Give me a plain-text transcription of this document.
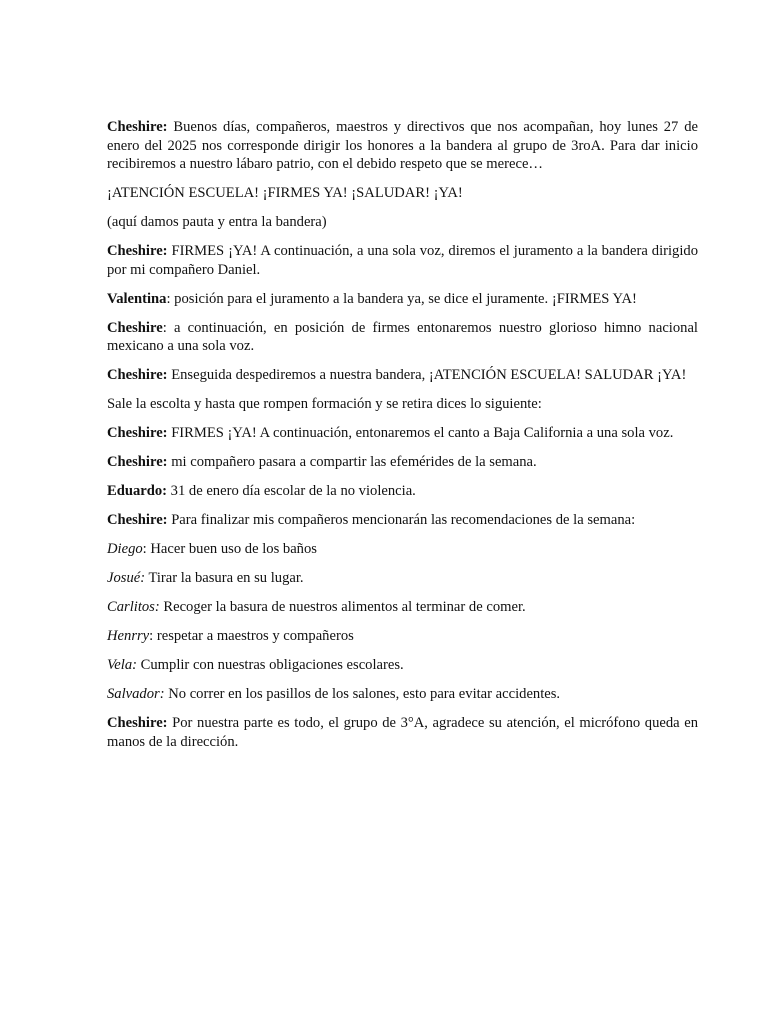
Cheshire: Buenos días, compañeros, maestros y directivos que nos acompañan, hoy lunes 27 de enero del 2025 nos corresponde dirigir los honores a la bandera al grupo de 3roA. Para dar inicio recibiremos a nuestro lábaro patrio, con el debido respeto que se merece…

¡ATENCIÓN ESCUELA! ¡FIRMES YA! ¡SALUDAR! ¡YA!

(aquí damos pauta y entra la bandera)

Cheshire: FIRMES ¡YA! A continuación, a una sola voz, diremos el juramento a la bandera dirigido por mi compañero Daniel.

Valentina: posición para el juramento a la bandera ya, se dice el juramente. ¡FIRMES YA!

Cheshire: a continuación, en posición de firmes entonaremos nuestro glorioso himno nacional mexicano a una sola voz.

Cheshire: Enseguida despediremos a nuestra bandera, ¡ATENCIÓN ESCUELA! SALUDAR ¡YA!

Sale la escolta y hasta que rompen formación y se retira dices lo siguiente:

Cheshire: FIRMES ¡YA! A continuación, entonaremos el canto a Baja California a una sola voz.

Cheshire: mi compañero pasara a compartir las efemérides de la semana.

Eduardo: 31 de enero día escolar de la no violencia.

Cheshire: Para finalizar mis compañeros mencionarán las recomendaciones de la semana:

Diego: Hacer buen uso de los baños

Josué: Tirar la basura en su lugar.

Carlitos: Recoger la basura de nuestros alimentos al terminar de comer.

Henrry: respetar a maestros y compañeros

Vela: Cumplir con nuestras obligaciones escolares.

Salvador: No correr en los pasillos de los salones, esto para evitar accidentes.

Cheshire: Por nuestra parte es todo, el grupo de 3°A, agradece su atención, el micrófono queda en manos de la dirección.
